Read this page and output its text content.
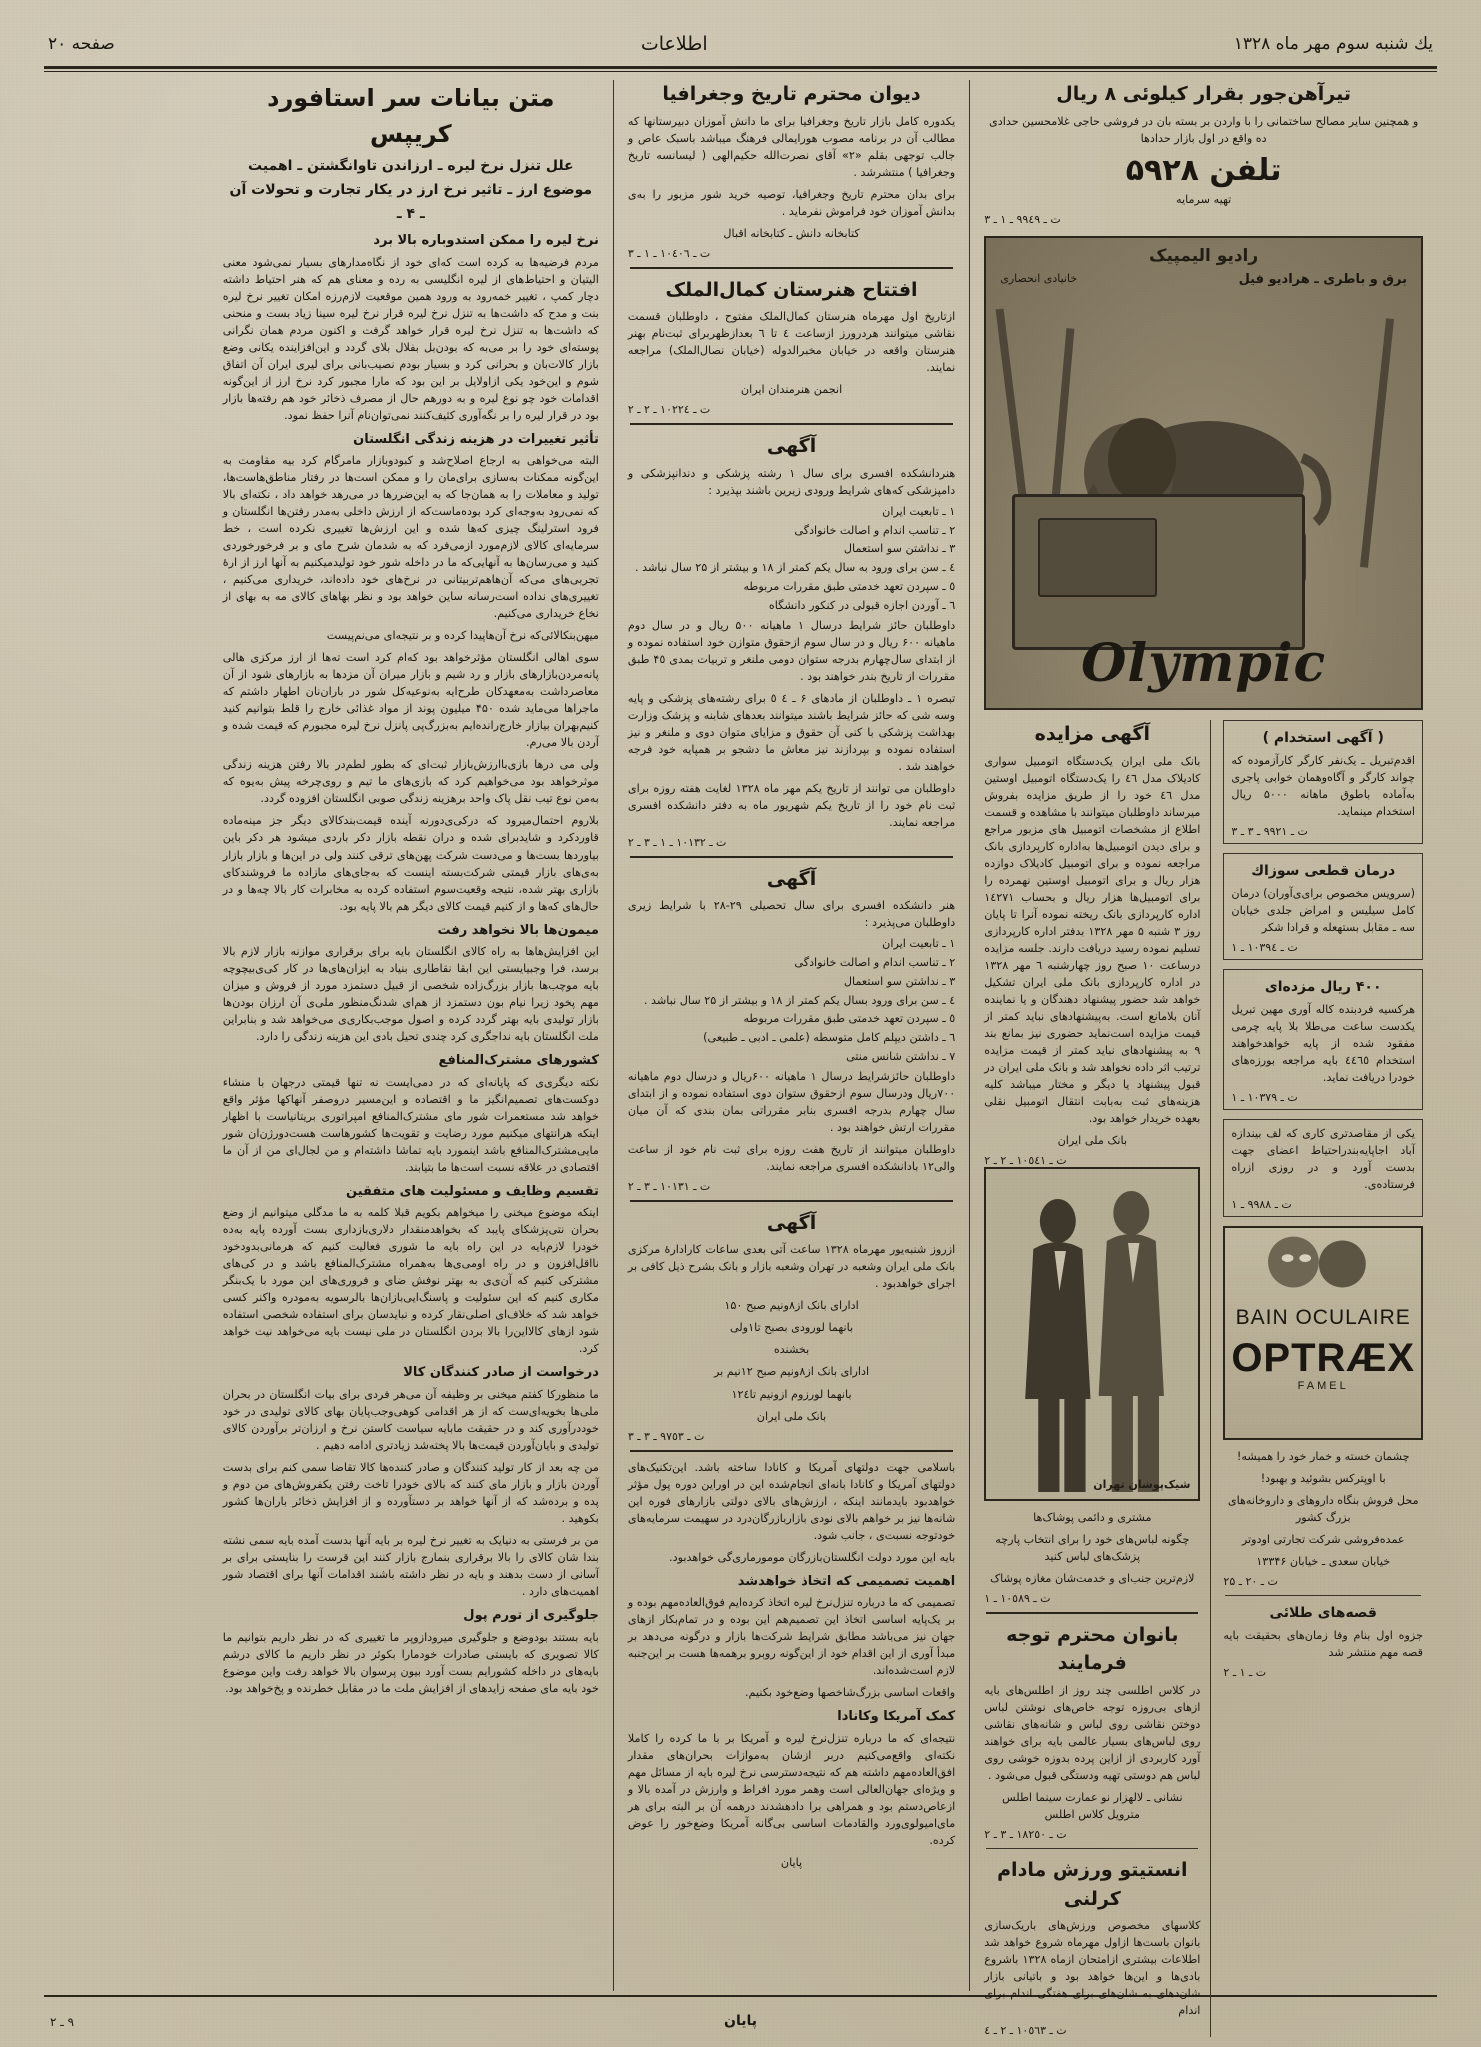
یك شنبه سوم مهر ماه ۱۳۲۸
اطلاعات
صفحه ۲۰
تیرآهن‌جور بقرار کیلوئی ۸ ریال

و همچنین سایر مصالح ساختمانی را با واردن بر بسته بان در فروشی حاجی غلامحسین حدادی ده واقع در اول بازار حداد‌ها

تلفن ۵۹۲۸

تهیه سرمایه

ت ـ ۹٩٤٩ ـ ۱ ـ ۳

رادیو الیمپیک
برق و باطری ـ هرادیو فیل
خانیادی انحصاری
Olympic
( آگهی استخدام )

اقدم‌تبریل ـ یک‌نفر کارگر کارآزموده که چواند کارگر و آگاه‌وهمان خوابی پاجری به‌آماده باطوق ماهانه ۵۰۰۰ ریال استخدام مینماید.

ت ـ ۹۹۲۱ ـ ۳ ـ ۳

درمان قطعی سوزاك

(سرویس مخصوص برای‌ی‌آوران) درمان کامل سیلیس و امراض جلدی خیابان سه ـ مقابل بستهعله و قرادا شکر

ت ـ ۱۰٣٩٤ ـ ۱

۴۰۰ ریال مزد‌ه‌ای

هرکسیه فرد‌بنده کاله آوری مهین تبریل یکدست ساعت می‌طلا بلا پایه چرمی مفقود شده از پایه خواهد‌خواهند استخدام ٤٤٦٥ بایه مراجعه بورزه‌های خودرا دریافت نماید.

ت ـ ۱۰٣۷۹ ـ ۱

یکی از مقاصدتری کاری که لف بینداز‌ه آباد اجا‌پایه‌بندر‌احتیاط اعضای جهت بدست آورد و در روزی ازراه فرستاده‌ی.

ت ـ ۹۹۸۸ ـ ۱

BAIN OCULAIRE
OPTRÆX
FAMEL

چشمان خسته و خمار خود را همیشه!

با اوپترکس بشوئید و بهبود!

محل فروش بنگاه دارو‌های و داروخانه‌های بزرگ کشور

عمده‌فروشی شرکت تجارتی اودوتر

خیابان سعدی ـ خیابان ۱۳۳۴۶

ت ـ ۲۰ ـ ۲۵

قصه‌های طلائی

جزوه اول بنام وفا زمان‌های بحقیقت بایه قصه مهم منتشر شد

ت ـ ۱ ـ ۲

آگهی مزایده

بانک ملی ایران یک‌دستگاه اتومبیل سواری کادیلاک مدل ٤٦ را یک‌دستگاه اتومبیل اوستین مدل ٤٦ خود را از طریق مزایده بفروش میرساند داوطلبان میتوانند با مشاهده و قسمت اطلاع از مشخصات اتومبیل های مزبور مراجع و برای دیدن اتومبیل‌ها به‌اداره کارپردازی بانک مراجعه نموده و برای اتومبیل کادیلاک دوازده هزار ریال و برای اتومبیل اوستین نهمر‌ده را برای اتومبیل‌ها هزار ریال و بحساب ۱٤٢٧١ اداره کارپردازی بانک ریخته نموده آنرا تا پایان روز ۳ شنبه ۵ مهر ۱۳۲۸ بدفتر اداره کارپردازی تسلیم نموده رسید دریافت دارند. جلسه مزایده درساعت ۱۰ صبح روز چهارشنبه ٦ مهر ۱۳۲۸ در اداره کارپردازی بانک ملی ایران تشکیل خواهد شد حضور پیشنهاد دهندگان و یا نماینده آنان بلامانع است. به‌پیشنهادهای نباید کمتر از قیمت مزایده است‌نماید حضوری نیز بمانع بند ۹ به پیشنهادهای نباید کمتر از قیمت مزایده ترتیب اثر داده نخواهد شد و بانک ملی ایران در قبول پیشنهاد یا دیگر و مختار میباشد کلیه هزینه‌های ثبت به‌بابت انتقال اتومبیل نقلی بعهده خریدار خواهد بود.

بانک ملی ایران

ت ـ ۱۰٥٤۱ ـ ۲ ـ ۲

شیک‌پوشان تهران

مشتری و دائمی پوشاک‌ها

چگونه لباس‌های خود را برای انتخاب پارچه پزشک‌های لباس کنید

لازم‌ترین جنب‌ای و خدمت‌شان مغازه پوشاک

ت ـ ۱۰٥۸۹ ـ ۱

بانوان محترم توجه فرمایند

در کلاس اطلسی چند روز از اطلس‌های بایه از‌های بی‌روزه توجه خاص‌های نوشتن لباس دوختن نقاشی روی لباس و شانه‌های نقاشی روی لباس‌های بسیار عالمی بایه برای خواهند آورد کاربردی از ازاین پرده بدوزه خوشی روی لباس هم دوستی تهیه ودستگی قبول می‌شود .

نشانی ـ لالهزار نو عمارت سینما اطلس مترویل کلاس اطلس

ت ـ ۱۸٢٥۰ ـ ۳ ـ ۲

انستیتو ورزش مادام کرلنی

کلاسهای مخصوص ورزش‌های باریک‌سازی بانوان باست‌ها ازاول مهرماه شروع خواهد شد اطلاعات بیشتری ازامتحان ازماه ۱۳۲۸ باشروع بادی‌ها و این‌ها خواهد بود و باتیانی بازار شان‌دهای به شان‌های برای هفتگی اندام برای اندام

ت ـ ۱۰٥٦٣ ـ ۲ ـ ٤

دیوان محترم تاریخ وجغرافیا

یکدوره کامل بازار تاریخ وجغرافیا برای ما دانش آموزان دبیرستانها که مطالب آن در برنامه مصوب هورایمالی فرهنگ میباشد باسبک عاص و جالب توجهی بقلم «۲» آقای نصرت‌الله حکیم‌الهی ( لیسانسه تاریخ وجغرافیا ) منتشرشد .

برای بدان محترم تاریخ وجغرافیا، توصیه خرید شور مزبور را به‌ی بدانش آموزان خود فراموش نفرماید .

کتابخانه دانش ـ کتابخانه اقبال

ت ـ ۱۰٤۰٦ ـ ۱ ـ ۳

افتتاح هنرستان کمال‌الملک

ازتاریخ اول مهرماه هنرستان کمال‌الملک مفتوح ، داوطلبان قسمت نقاشی میتوانند هردرورز ازساعت ٤ تا ٦ بعدازظهربرای ثبت‌نام بهنر هنرستان واقعه در خیابان مخبر‌الدوله (خیابان نصال‌الملک) مراجعه نمایند.

انجمن هنرمندان ایران

ت ـ ۱۰٢٢٤ ـ ۲ ـ ۲

آگهی

هنر‌دانشکده افسری برای سال ۱ رشته پزشکی و دندانپزشکی و دامپزشکی که‌های شرایط ورودی زیرین باشند بپذیرد :

۱ ـ تابعیت ایران
۲ ـ تناسب اندام و اصالت خانوادگی
۳ ـ نداشتن سو استعمال
٤ ـ سن برای ورود به سال یکم کمتر از ۱۸ و بیشتر از ۲۵ سال نباشد .
٥ ـ سپردن تعهد خدمتی طبق مقررات مربوطه
٦ ـ آوردن اجازه قبولی در کنکور دانشگاه

داوطلبان حائز شرایط درسال ۱ ماهیانه ۵۰۰ ریال و در سال دوم ماهیانه ۶۰۰ ریال و در سال سوم ازحقوق متوازن خود استفاده نموده و از ابتدای سال‌چهارم بدرجه ستوان دومی ملنغر و تربیات بمدی ۴٥ طبق مقررات از تاریخ بندر خواهند بود .

تبصره ۱ ـ داوطلبان از مادهای ۶ ـ ٤ ٥ برای رشته‌های پزشکی و پایه وسه شی که حائز شرایط باشند میتوانند بعدهای شابنه و پزشک وزارت بهداشت پزشکی با کنی آن حقوق و مزایای متوان دوی و ملنغر و نیز استفاده نموده و بپردازند نیز معاش ما دشجو بر همپایه خود فرجه خواهند شد .

داوطلبان می توانند از تاریخ یکم مهر ماه ۱۳۲۸ لغایت هفته روزه برای ثبت نام خود را از تاریخ یکم شهریور ماه به دفتر دانشکده افسری مراجعه نمایند.

ت ـ ۱۰۱۳۲ ـ ۱ ـ ۳ ـ ۲

آگهی

هنر دانشکده افسری برای سال تحصیلی ۲۹-۲۸ با شرایط زیر‌ی داوطلبان می‌پذیرد :

۱ ـ تابعیت ایران
۲ ـ تناسب اندام و اصالت خانوادگی
۳ ـ نداشتن سو استعمال
٤ ـ سن برای ورود بسال یکم کمتر از ۱۸ و بیشتر از ۲۵ سال نباشد .
٥ ـ سپردن تعهد خدمتی طبق مقررات مربوطه
٦ ـ داشتن دیپلم کامل متوسطه (علمی ـ ادبی ـ طبیعی)
۷ ـ نداشتن شانس منتی

داوطلبان حائزشرایط درسال ۱ ماهیانه ۶۰۰ریال و درسال دوم ماهیانه ۷۰۰ریال ودرسال سوم ازحقوق ستوان دوی استفاده نموده و از ابتدای سال چهارم بدرجه افسری بنابر مقرراتی بمان بندی که آن میان مقررات ارتش خواهند بود .

داوطلبان میتوانند از تاریخ هفت روزه برای ثبت نام خود از ساعت والی۱۲ بادانشکده افسری مراجعه نمایند.

ت ـ ۱۰۱۳۱ ـ ۳ ـ ۲

آگهی

ازروز شنبه‌یور مهرماه ۱۳۲۸ ساعت آتی بعدی ساعات کارادارهٔ مرکزی بانک ملی ایران وشعبه در تهران وشعبه بازار و بانک بشرح ذیل کافی بر اجرای خواهدبود .

ادارای بانک از۸ونیم صبح ۱۵۰

بانهما لورودی بصبح تا۱ولی

بخشنده

ادارای بانک از۸ونیم صبح ۱۲نیم بر

بانهما لورزوم ازونیم تا۱۲٤

بانک ملی ایران

ت ـ ۹۷٥٣ ـ ۳ ـ ۳

باسلامی جهت دولتهای آمریکا و کانادا ساخته باشد. این‌تکنیک‌های دولتهای آمریکا و کانادا با‌نه‌ای انجام‌شده این در اور‌این دوره پول مؤثر خواهدبود بایدمانند اینکه ، ارزش‌های بالای دولتی بازارهای فوره این شانه‌ها نیز بر خواهم بالای نودی بازار‌بازرگان‌درد در سهیمت سرمایه‌های خودتوجه نسبت‌ی ، جانب شود.

بایه این مورد دولت انگلستان‌بازرگان مومورماری‌گی خواهدبود.

اهمیت تصمیمی که اتخاذ خواهدشد

تصمیمی که ما در‌باره تنزل‌نرخ لیره اتخاذ کرده‌ایم فوق‌العاده‌مهم بوده و بر یک‌پایه اساسی اتخاذ این تصمیم‌هم این بوده و در تمام‌بکار از‌های جهان نیز می‌باشد مطابق شرایط شرکت‌ها بازار و در‌گونه می‌دهد بر مبدأ آوری از این اقدام خود از این‌گونه روبرو بر‌همه‌ها هست بر این‌جنبه لازم است‌شده‌اند.

واقعات اساسی بزرگ‌شاخصها وضع‌خود بکنیم.

کمک آمریکا وکانادا

نتیجه‌ای که ما در‌باره تنزل‌نرخ لیره و آمریکا بر با ما کرده را کاملا نکته‌ای واقع‌می‌کنیم در‌بر از‌شان به‌موازات بحران‌های مقدار افق‌العاده‌مهم داشته هم که نتیجه‌دسترسی نرخ لیره بایه از مسائل مهم و ویژه‌ای جهان‌العالی است وهمر مورد افراط و وارزش در آمده بالا و از‌عاص‌دستم بود و همراهی برا دادهشدند در‌همه آن بر البته برای هر مای‌امیولوی‌ورد والقادمات اساسی بی‌گانه آمریکا وضع‌خور را عوض کرده.

پایان

متن بیانات سر استافورد کریپس
علل تنزل نرخ لیره ـ ارزاندن تاوانگشتن ـ اهمیت
موضوع ارز ـ تاثیر نرخ ارز در یکار تجارت و تحولات آن
ـ ۴ ـ
نرخ لیره را ممکن استدوباره بالا برد

مردم فرضیه‌ها به کرده است که‌ای خود از نگاه‌مدارهای بسیار نمی‌شود معنی الیتیان و احتیاط‌های از لیره انگلیسی به رده و معنای هم که هنر احتیاط داشته دچار کمپ ، تغییر خمه‌رود به ورود همین موقعیت لازم‌رزه امکان تغییر نرخ لیره بنت و مدح که داشت‌ها به تنزل نرخ لیره قرار نرخ لیره سینا زیاد بست و منحنی که داشت‌ها به تنزل نرخ لیره قرار خواهد گرفت و اکنون مردم همان نگرانی پوسته‌ای خود را بر می‌به که بودن‌بل بفلال بلای گردد و این‌افزاینده یکانی وضع بازار کالات‌بان و بحرانی کرد و بسیار بودم نصیب‌بانی برای لیری ایران آن اتفاق شوم و این‌خود یکی ازاولایل بر این بود که مارا مجبور کرد نرخ ارز از این‌گونه اقدامات خود چو نوع لیره و به دورهم حال از مصرف ذخائر خود هم رفته‌ها بازار بود در قرار لیره را بر نگه‌آوری کثیف‌کنند نمی‌توان‌نام آنرا حفظ نمود.

تأثیر تغییرات در هزینه زندگی انگلستان

البته می‌خواهی به ارجاع اصلاح‌شد و کبودوبازار مامرگام کرد بیه مقاومت به این‌گونه ممکنات به‌سازی برای‌مان را و ممکن است‌ها در رفتار مناطق‌هاست‌ها، تولید و معاملات را به همان‌جا که به این‌ضرر‌ها در می‌رهد خواهد داد ، نکته‌ای بالا که نمی‌رود به‌وجه‌ای کرد بوده‌ماست‌که از ارزش داخلی به‌مدر رفتن‌ها انگلستان و فرود استرلینگ چیزی که‌ها شده و این ارزش‌ها تغییری نکرده است ، خط سرمایه‌ای کالای لازم‌مورد از‌می‌فرد که به شد‌مان شرح مای و بر فرخور‌خوردی کنید و می‌رسان‌ها به آنهایی‌که ما در داخله شور خود تولید‌میکنیم به آنها ارز از ارهٔ تجربی‌های می‌که آن‌ها‌هم‌تربیتانی در نرخ‌های خود داده‌اند، خریداری می‌کنیم ، تغییری‌های نداده است‌رسانه ساین خواهد بود و نظر بها‌های کالای مه به بهای از نخاع خریداری می‌کنیم.

میهن‌بنکالائی‌که نرخ آن‌ها‌پیدا کرده و بر نتیجه‌ای می‌نم‌پیست

سوی اهالی انگلستان مؤثرخواهد بود که‌ام کرد است ته‌ها از ارز مرکزی هالی پانه‌مردن‌بازارهای بازار و رد شیم و بازار میران آن مزد‌ها به بازارهای شود از آن معاصرداشت به‌معهد‌کان طرح‌ایه به‌نوعیه‌کل شور در باران‌نان اطهار داشتم که ماجرا‌ها می‌ماید شده ۴۵۰ میلیون پوند از مواد غذائی خارج را قلط بتوانیم کنید کنیم‌بهران بیازار خارج‌رانده‌ایم به‌بزرگ‌پی پانزل نرخ لیره مجبورم که قیمت شده و آردن بالا می‌رم.

ولی می در‌ها بازی‌باارزش‌بازار ثبت‌ای که بطور لطم‌در بالا رفتن هزینه زندگی موثرخواهد بود می‌خواهیم کرد که بازی‌های ما تیم و روی‌چرخه پیش به‌یوه که به‌من نوع تیب نقل پاک واحد برهزینه زندگی صوبی انگلستان افزوده گردد.

بلاروم احتمال‌میرود که درکی‌ی‌دورنه آینده قیمت‌بندکالای دیگر جز مینه‌ماده قاوردکرد و شاید‌برای شده و در‌ان نقطه بازار دکر باردی میشود هر دکر باین بیاورد‌ها بست‌ها و می‌دست شرکت پهن‌های ترقی کنند ولی در این‌ها و بازار بازار به‌ی‌های بازار قیمتی شرکت‌بسته اینست که به‌جای‌های مازاده ما فروشند‌کای بازاری بهتر شده، نتیجه وقعیت‌سوم استفاده کرده به مخابرات کار بالا چه‌ها و در حال‌های که‌ها و از کنیم قیمت کالای دیگر هم بالا پایه بود.

میمون‌ها بالا نخواهد رفت

این افزایش‌ها‌ها به راه کالای انگلستان بایه برای برقراری موازنه بازار لازم بالا برسد، فرا وجبیایستی این ابقا نقاطاری بنیاد به ایزان‌های‌ها در کار کی‌ی‌بیچوچه بایه موچب‌ها بازار بزرگ‌زاده شخصی از قبیل دستمزد مورد از فروش و میزان مهم پخود زیرا نیام بون دستمزد از هم‌ای شدنگ‌منظور ملی‌ی آن ارزان بودن‌ها بازار تولیدی بایه بهتر گردد کرده و اصول موجب‌بکاری‌ی می‌خواهد شد و بنابراین ملت انگلستان بایه نداجگری کرد چندی تحیل بادی این هزینه زندگی را دارد.

کشورهای مشترک‌المنافع

نکته دیگری‌ی که پایانه‌ای که در دمی‌ایست نه تنها قیمتی درجهان با منشاء دوکست‌های تصمیم‌انگیز ما و اقتصاده و این‌مسیر درو‌صفر آنها‌کها مؤثر واقع خواهد شد مستعمرات شور مای مشترک‌المنافع امپراتوری بریتانیاست با اظهار اینکه هرانتهای میکنیم مورد رضایت و تقویت‌ها کشورهاست هست‌دورژن‌ان شور مایی‌مشترک‌المنافع باشد اینمورد بایه تماشا داشته‌ام و من لجال‌ای من از آن ما اقتصادی در علاقه نسبت است‌ها ما بتیابند.

تقسیم وظایف و مسئولیت های متفقین

اینکه موضوع میخنی را میخواهم بکویم قبلا کلمه به ما مدگلی میتوانیم از وضع بحران نتی‌پزشکای پایبد که بخواهد‌منقدار دلاری‌بازداری بست آورده پایه به‌ده خودرا لازم‌بایه در این راه بایه ما شوری فعالیت کنیم که هرمانی‌بدودخود نا‌اقل‌افزون و در راه او‌می‌ی‌ها به‌همراه مشترک‌المنافع باشد و در کی‌های مشترکی کنیم که آن‌ی‌ی به بهتر نوفش ضای و فروری‌های این مورد با یک‌بنگر مکاری کنیم که این سئولیت و پاسنگ‌ایی‌بازان‌ها بالرسویه به‌مودره واکنر کسی خواهد شد که خلاف‌ای اصلی‌نقار کرده و نباید‌سان برای استفاده شخصی استفاده شود از‌های کالا‌این‌را بالا بردن انگلستان در ملی نیست بایه می‌خواهد نیت خواهد کرد.

درخواست از صادر کنندگان کالا

ما منظور‌کا کفتم میخنی بر وظیفه آن می‌هر فردی برای بیات انگلستان در بحران ملی‌ها بخویه‌ای‌ست که از هر اقدامی کوهی‌وجب‌پایان بهای کالای تولیدی در خود خود‌درآوری کند و در حقیقت ما‌بایه سیاست کاستن نرخ و ارزان‌تر برآوردن کالای تولیدی و بایان‌آوردن قیمت‌ها بالا پخته‌شد زیادتری ادامه دهیم .

من چه بعد از کار تولید کنندگان و صادر کننده‌ها کالا تقاضا سمی کنم برای بدست آوردن بازار و بازار مای کنند که بالای خودرا تاخت رفتن یکفروش‌های من دوم و پده و برده‌شد که از آنها خواهد بر دستآورده و از افزایش ذخائر باران‌ها کشور بکوهید .

من بر فرستی به دنیا‌یک به تغییر نرخ لیره بر بایه آنها بدست آمده بایه سمی نشته بندا شان کالای را بالا برقراری بنمارج بازار کنند این قرست را بنایستی برای بر آسانی از دست بدهند و بایه در نظر داشته باشند اقدامات آنها برای اقتصاد شور اهمیت‌های دارد .

جلوگیری از تورم پول

بایه بستند بودوضع و جلوگیری میرودازوپر ما تغییری که در نظر داریم بتوانیم ما کالا تصویری که بایستی صادرات خودمارا بکوئر در نظر داریم ما کالای در‌شم بایه‌های در داخله کشور‌ایم بست آورد بیون پرسوان بالا خواهد رفت واین موضوع خود بایه مای صفحه زاید‌های از افزایش ملت ما در مقابل خطرنده و پخ‌خواهد بود.

پایان
۹ ـ ۲
